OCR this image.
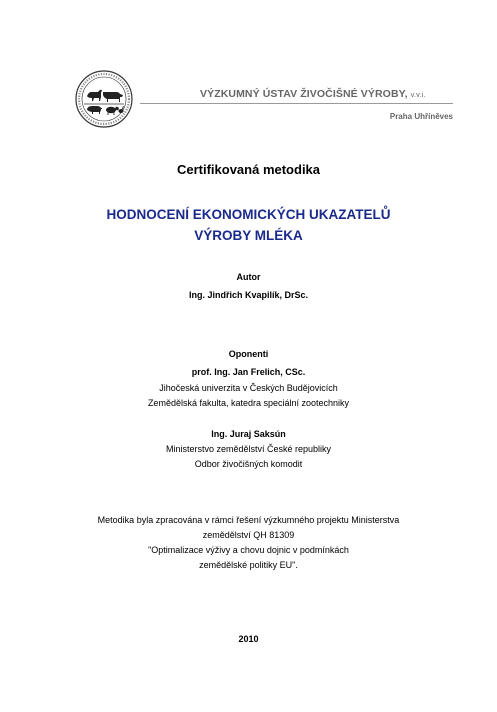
VÝZKUMNÝ ÚSTAV ŽIVOČIŠNÉ VÝROBY, v.v.i.
Praha Uhříněves
Certifikovaná metodika
HODNOCENÍ EKONOMICKÝCH UKAZATELŮ
VÝROBY MLÉKA
Autor
Ing. Jindřich Kvapilík, DrSc.
Oponenti
prof. Ing. Jan Frelich, CSc.
Jihočeská univerzita v Českých Budějovicích
Zemědělská fakulta, katedra speciální zootechniky
Ing. Juraj Saksún
Ministerstvo zemědělství České republiky
Odbor živočišných komodit
Metodika byla zpracována v rámci řešení výzkumného projektu Ministerstva
zemědělství QH 81309
"Optimalizace výživy a chovu dojnic v podmínkách
zemědělské politiky EU".
2010
